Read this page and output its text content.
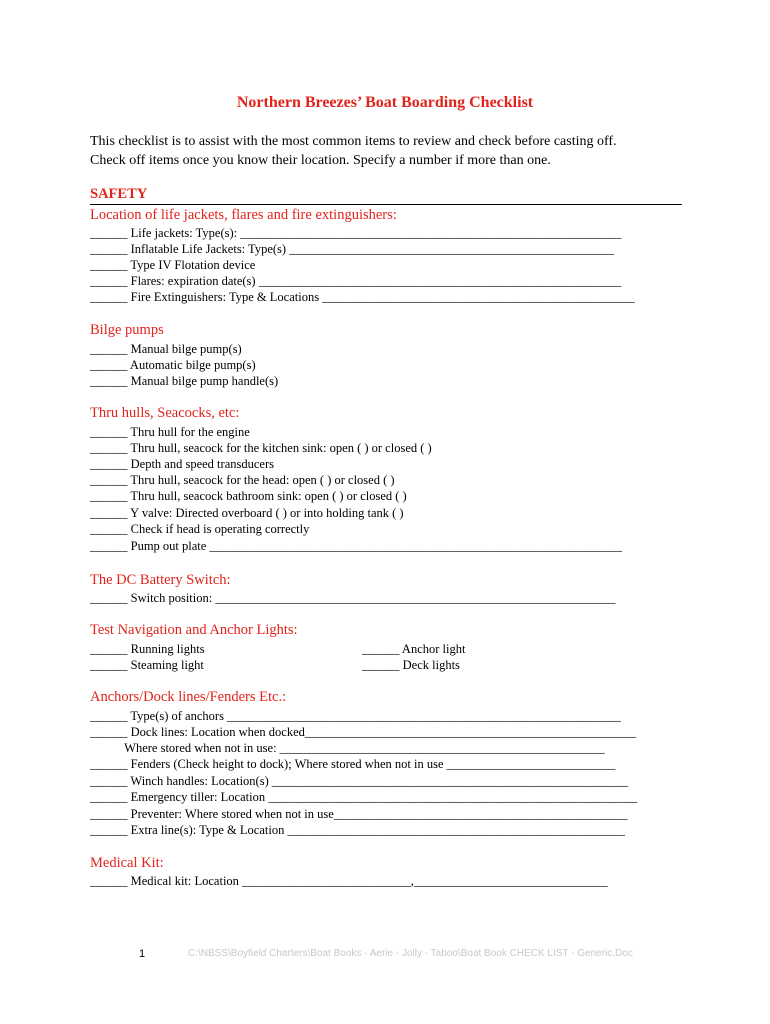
Northern Breezes’ Boat Boarding Checklist
This checklist is to assist with the most common items to review and check before casting off.
Check off items once you know their location. Specify a number if more than one.
SAFETY
Location of life jackets, flares and fire extinguishers:
______ Life jackets: Type(s): _____________________________________________________________
______ Inflatable Life Jackets: Type(s) ____________________________________________________
______ Type IV Flotation device
______ Flares: expiration date(s) __________________________________________________________
______ Fire Extinguishers: Type & Locations __________________________________________________
Bilge pumps
______ Manual bilge pump(s)
______ Automatic bilge pump(s)
______ Manual bilge pump handle(s)
Thru hulls, Seacocks, etc:
______ Thru hull for the engine
______ Thru hull, seacock for the kitchen sink: open ( ) or closed ( )
______ Depth and speed transducers
______ Thru hull, seacock for the head: open ( ) or closed ( )
______ Thru hull, seacock bathroom sink: open ( ) or closed ( )
______ Y valve: Directed overboard ( ) or into holding tank ( )
______ Check if head is operating correctly
______ Pump out plate __________________________________________________________________
The DC Battery Switch:
______ Switch position: ________________________________________________________________
Test Navigation and Anchor Lights:
______ Running lights
______ Steaming light
______ Anchor light
______ Deck lights
Anchors/Dock lines/Fenders Etc.:
______ Type(s) of anchors _______________________________________________________________
______ Dock lines: Location when docked_____________________________________________________
Where stored when not in use: ____________________________________________________
______ Fenders (Check height to dock); Where stored when not in use ___________________________
______ Winch handles: Location(s) _________________________________________________________
______ Emergency tiller: Location ___________________________________________________________
______ Preventer: Where stored when not in use_______________________________________________
______ Extra line(s): Type & Location ______________________________________________________
Medical Kit:
______ Medical kit: Location ___________________________,_______________________________
1	C:\NBSS\Boyfield Charters\Boat Books - Aerie - Jolly - Taboo\Boat Book CHECK LIST - Generic.Doc
